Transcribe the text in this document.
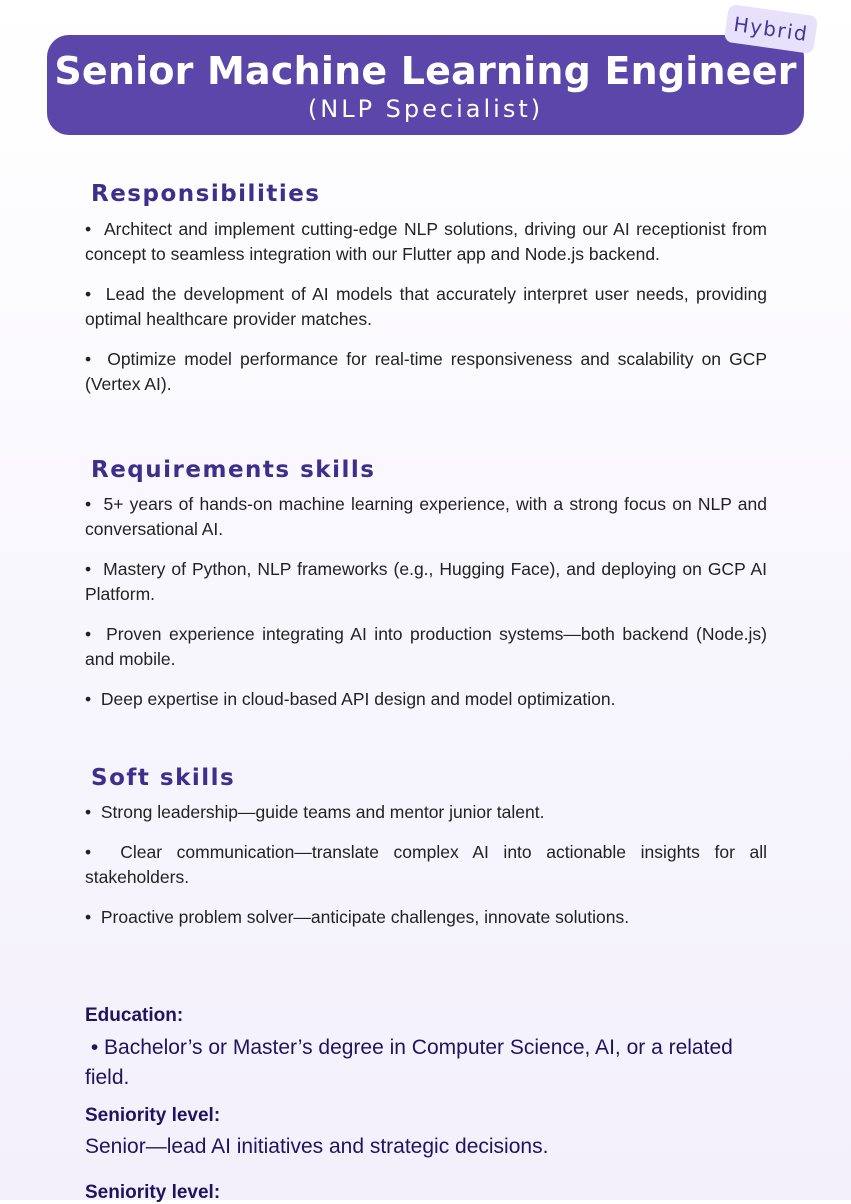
Senior Machine Learning Engineer
(NLP Specialist)
Hybrid
Responsibilities
•  Architect and implement cutting-edge NLP solutions, driving our AI receptionist from concept to seamless integration with our Flutter app and Node.js backend.
•  Lead the development of AI models that accurately interpret user needs, providing optimal healthcare provider matches.
•  Optimize model performance for real-time responsiveness and scalability on GCP (Vertex AI).
Requirements skills
•  5+ years of hands-on machine learning experience, with a strong focus on NLP and conversational AI.
•  Mastery of Python, NLP frameworks (e.g., Hugging Face), and deploying on GCP AI Platform.
•  Proven experience integrating AI into production systems—both backend (Node.js) and mobile.
•  Deep expertise in cloud-based API design and model optimization.
Soft skills
•  Strong leadership—guide teams and mentor junior talent.
•  Clear communication—translate complex AI into actionable insights for all stakeholders.
•  Proactive problem solver—anticipate challenges, innovate solutions.
Education:
• Bachelor’s or Master’s degree in Computer Science, AI, or a related field.
Seniority level:
Senior—lead AI initiatives and strategic decisions.
Seniority level:
